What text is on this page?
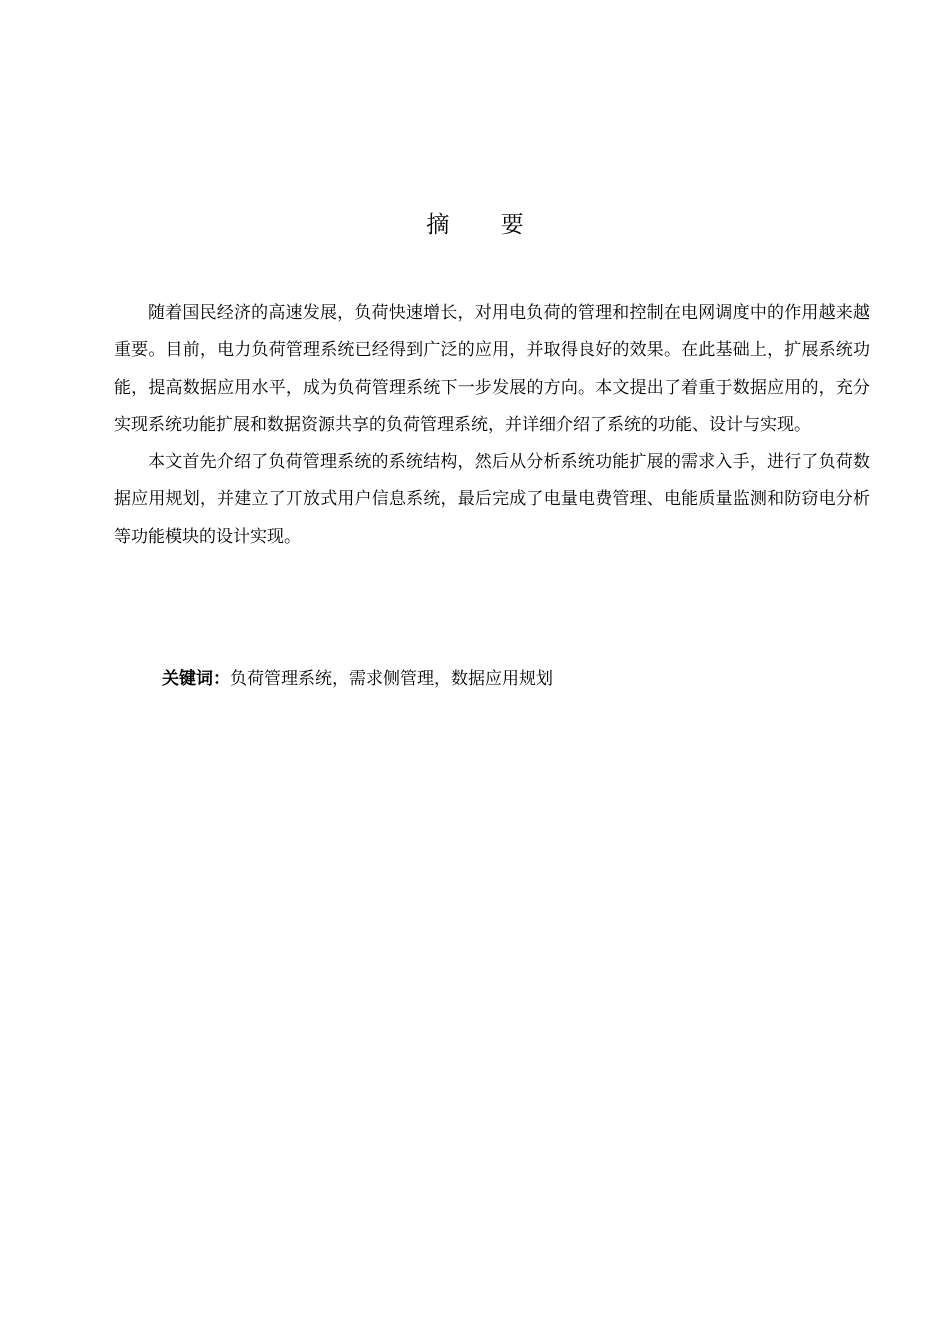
摘 要

随着国民经济的高速发展，负荷快速增长，对用电负荷的管理和控制在电网调度中的作用越来越重要。目前，电力负荷管理系统已经得到广泛的应用，并取得良好的效果。在此基础上，扩展系统功能，提高数据应用水平，成为负荷管理系统下一步发展的方向。本文提出了着重于数据应用的，充分实现系统功能扩展和数据资源共享的负荷管理系统，并详细介绍了系统的功能、设计与实现。

本文首先介绍了负荷管理系统的系统结构，然后从分析系统功能扩展的需求入手，进行了负荷数据应用规划，并建立了丌放式用户信息系统，最后完成了电量电费管理、电能质量监测和防窃电分析等功能模块的设计实现。

关键词：负荷管理系统，需求侧管理，数据应用规划
